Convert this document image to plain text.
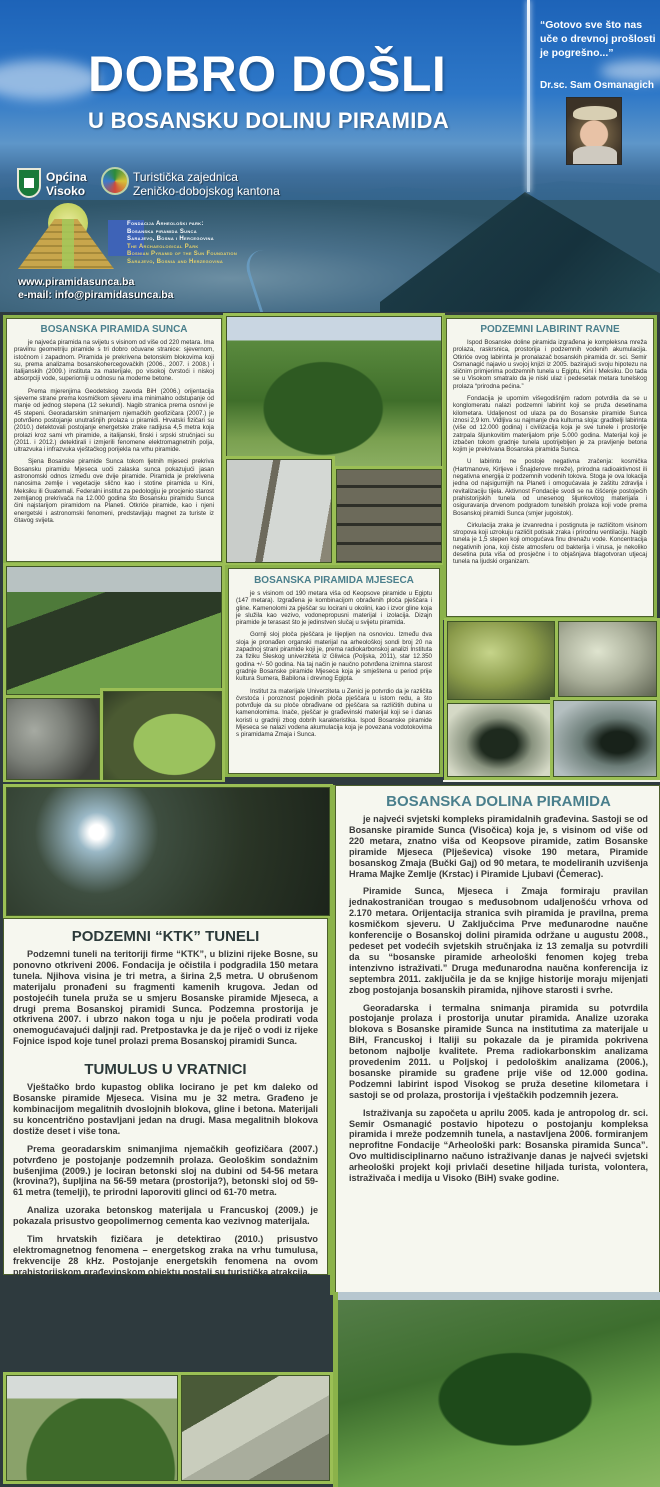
DOBRO DOŠLI
U BOSANSKU DOLINU PIRAMIDA
“Gotovo sve što nas uče o drevnoj prošlosti je pogrešno...”
Dr.sc. Sam Osmanagich
Općina
Visoko
Turistička zajednica
Zeničko-dobojskog kantona
Fondacija Arheološki park:
Bosanska piramida Sunca
Sarajevo, Bosna i Hercegovina
The Archaeological Park
Bosnian Pyramid of the Sun Foundation
Sarajevo, Bosnia and Herzegovina
www.piramidasunca.ba
e-mail: info@piramidasunca.ba
BOSANSKA PIRAMIDA SUNCA

je najveća piramida na svijetu s visinom od više od 220 metara. Ima pravilnu geometriju piramide s tri dobro očuvane stranice: sjevernom, istočnom i zapadnom. Piramida je prekrivena betonskim blokovima koji su, prema analizama bosanskohercegovačkih (2006., 2007. i 2008.) i italijanskih (2009.) instituta za materijale, po visokoj čvrstoći i niskoj absorpciji vode, superiorniji u odnosu na moderne betone.

Prema mjerenjima Geodetskog zavoda BiH (2006.) orijentacija sjeverne strane prema kosmičkom sjeveru ima minimalno odstupanje od manje od jednog stepena (12 sekundi). Nagib stranica prema osnovi je 45 stepeni. Georadarskim snimanjem njemačkih geofizičara (2007.) je potvrđeno postojanje unutrašnjih prolaza u piramidi. Hrvatski fizičari su (2010.) detektovali postojanje energetske zrake radijusa 4,5 metra koja prolazi kroz sami vrh piramide, a italijanski, finski i srpski stručnjaci su (2011. i 2012.) detektirali i izmjerili fenomene elektromagnetnih polja, ultrazvuka i infrazvuka vještačkog porijekla na vrhu piramide.

Sjena Bosanske piramide Sunca tokom ljetnih mjeseci prekriva Bosansku piramidu Mjeseca uoči zalaska sunca pokazujući jasan astronomski odnos između ove dvije piramide. Piramida je prekrivena nanosima zemlje i vegetacije slično kao i stotine piramida u Kini, Meksiku ili Guatemali. Federalni institut za pedologiju je procjenio starost zemljanog prekrivača na 12.000 godina što Bosansku piramidu Sunca čini najstarijom piramidom na Planeti. Otkriće piramide, kao i njeni energetski i astronomski fenomeni, predstavljaju magnet za turiste iz čitavog svijeta.

PODZEMNI LABIRINT RAVNE

Ispod Bosanske doline piramida izgrađena je kompleksna mreža prolaza, raskrsnica, prostorija i podzemnih vodenih akumulacija. Otkriće ovog labirinta je pronalazač bosanskih piramida dr. sci. Semir Osmanagić najavio u svojoj knjizi iz 2005. bazirajući svoju hipotezu na sličnim primjerima podzemnih tunela u Egiptu, Kini i Meksiku. Do tada se u Visokom smatralo da je niski ulaz i pedesetak metara tunelskog prolaza “prirodna pećina.”

Fondacija je upornim višegodišnjim radom potvrdila da se u konglomeratu nalazi podzemni labirint koji se pruža desetinama kilometara. Udaljenost od ulaza pa do Bosanske piramide Sunca iznosi 2,9 km. Vidljiva su najmanje dva kulturna sloja: graditelji labirinta (više od 12.000 godina) i civilizacija koja je sve tunele i prostorije zatrpala šljunkovitim materijalom prije 5.000 godina. Materijal koji je izbačen tokom gradnje tunela upotrijebljen je za pravljenje betona kojim je prekrivana Bosanska piramida Sunca.

U labirintu ne postoje negativna zračenja: kosmička (Hartmanove, Kirljeve i Šnajderove mreže), prirodna radioaktivnost ili negativna energija iz podzemnih vodenih tokova. Stoga je ova lokacija jedna od najsigurnijih na Planeti i omogućavala je zaštitu zdravlja i revitalizaciju tijela. Aktivnost Fondacije svodi se na čišćenje postojećih prahistorijskih tunela od unesenog šljunkovitog materijala i osiguravanja drvenom podgradom tunelskih prolaza koji vode prema Bosanskoj piramidi Sunca (smjer jugoistok).

Cirkulacija zraka je izvanredna i postignuta je različitom visinom stropova koji uzrokuju različit potisak zraka i prirodnu ventilaciju. Nagib tunela je 1,5 stepen koji omogućava finu drenažu vode. Koncentracija negativnih jona, koji čiste atmosferu od bakterija i virusa, je nekoliko desetina puta viša od prosječne i to objašnjava blagotvoran utjecaj tunela na ljudski organizam.

BOSANSKA PIRAMIDA MJESECA

je s visinom od 190 metara viša od Keopsove piramide u Egiptu (147 metara). Izgrađena je kombinacijom obrađenih ploča pješčara i gline. Kamenolomi za pješčar su locirani u okolini, kao i izvor gline koja je služila kao vezivo, vodonepropusni materijal i izolacija. Dizajn piramide je terasast što je jedinstven slučaj u svijetu piramida.

Gornji sloj ploča pješčara je lijepljen na osnovicu. Između dva sloja je pronađen organski materijal na arheološkoj sondi broj 20 na zapadnoj strani piramide koji je, prema radiokarbonskoj analizi Instituta za fiziku Šleskog univerziteta iz Gliwica (Poljska, 2011), star 12.350 godina +/- 50 godina. Na taj način je naučno potvrđena iznimna starost gradnje Bosanske piramide Mjeseca koja je smještena u period prije kultura Sumera, Babilona i drevnog Egipta.

Institut za materijale Univerziteta u Zenici je potvrdio da je različita čvrstoća i poroznost pojedinih ploča pješčara u istom redu, a što potvrđuje da su ploče obrađivane od pješčara sa različitih dubina u kamenolomima. Inače, pješčar je građevinski materijal koji se i danas koristi u gradnji zbog dobrih karakteristika. Ispod Bosanske piramide Mjeseca se nalazi vodena akumulacija koja je povezana vodotokovima s piramidama Zmaja i Sunca.

BOSANSKA DOLINA PIRAMIDA

je najveći svjetski kompleks piramidalnih građevina. Sastoji se od Bosanske piramide Sunca (Visočica) koja je, s visinom od više od 220 metara, znatno viša od Keopsove piramide, zatim Bosanske piramide Mjeseca (Plješevica) visoke 190 metara, Piramide bosanskog Zmaja (Bučki Gaj) od 90 metara, te modeliranih uzvišenja Hrama Majke Zemlje (Krstac) i Piramide Ljubavi (Čemerac).

Piramide Sunca, Mjeseca i Zmaja formiraju pravilan jednakostraničan trougao s međusobnom udaljenošću vrhova od 2.170 metara. Orijentacija stranica svih piramida je pravilna, prema kosmičkom sjeveru. U Zaključcima Prve međunarodne naučne konferencije o Bosanskoj dolini piramida održane u augustu 2008., pedeset pet vodećih svjetskih stručnjaka iz 13 zemalja su potvrdili da su “bosanske piramide arheološki fenomen kojeg treba intenzivno istraživati.” Druga međunarodna naučna konferencija iz septembra 2011. zaključila je da se knjige historije moraju mijenjati zbog postojanja bosanskih piramida, njihove starosti i svrhe.

Georadarska i termalna snimanja piramida su potvrdila postojanje prolaza i prostorija unutar piramida. Analize uzoraka blokova s Bosanske piramide Sunca na institutima za materijale u BiH, Francuskoj i Italiji su pokazale da je piramida pokrivena betonom najbolje kvalitete. Prema radiokarbonskim analizama provedenim 2011. u Poljskoj i pedološkim analizama (2006.), bosanske piramide su građene prije više od 12.000 godina. Podzemni labirint ispod Visokog se pruža desetine kilometara i sastoji se od prolaza, prostorija i vještačkih podzemnih jezera.

Istraživanja su započeta u aprilu 2005. kada je antropolog dr. sci. Semir Osmanagić postavio hipotezu o postojanju kompleksa piramida i mreže podzemnih tunela, a nastavljena 2006. formiranjem neprofitne Fondacije “Arheološki park: Bosanska piramida Sunca”. Ovo multidisciplinarno načuno istraživanje danas je najveći svjetski arheološki projekt koji privlači desetine hiljada turista, volontera, istraživača i medija u Visoko (BiH) svake godine.

PODZEMNI “KTK” TUNELI

Podzemni tuneli na teritoriji firme “KTK”, u blizini rijeke Bosne, su ponovno otkriveni 2006. Fondacija je očistila i podgradila 150 metara tunela. Njihova visina je tri metra, a širina 2,5 metra. U obrušenom materijalu pronađeni su fragmenti kamenih krugova. Jedan od postojećih tunela pruža se u smjeru Bosanske piramide Mjeseca, a drugi prema Bosanskoj piramidi Sunca. Podzemna prostorija je otkrivena 2007. i ubrzo nakon toga u nju je počela prodirati voda onemogućavajući daljnji rad. Pretpostavka je da je riječ o vodi iz rijeke Fojnice ispod koje tunel prolazi prema Bosanskoj piramidi Sunca.

TUMULUS U VRATNICI

Vještačko brdo kupastog oblika locirano je pet km daleko od Bosanske piramide Mjeseca. Visina mu je 32 metra. Građeno je kombinacijom megalitnih dvoslojnih blokova, gline i betona. Materijali su koncentrično postavljani jedan na drugi. Masa megalitnih blokova dostiže deset i više tona.

Prema georadarskim snimanjima njemačkih geofizičara (2007.) potvrđeno je postojanje podzemnih prolaza. Geološkim sondažnim bušenjima (2009.) je lociran betonski sloj na dubini od 54-56 metara (krovina?), šupljina na 56-59 metara (prostorija?), betonski sloj od 59-61 metra (temelji), te prirodni laporoviti glinci od 61-70 metra.

Analiza uzoraka betonskog materijala u Francuskoj (2009.) je pokazala prisustvo geopolimernog cementa kao vezivnog materijala.

Tim hrvatskih fizičara je detektirao (2010.) prisustvo elektromagnetnog fenomena – energetskog zraka na vrhu tumulusa, frekvencije 28 kHz. Postojanje energetskih fenomena na ovom prahistorijskom građevinskom objektu postali su turistička atrakcija.
